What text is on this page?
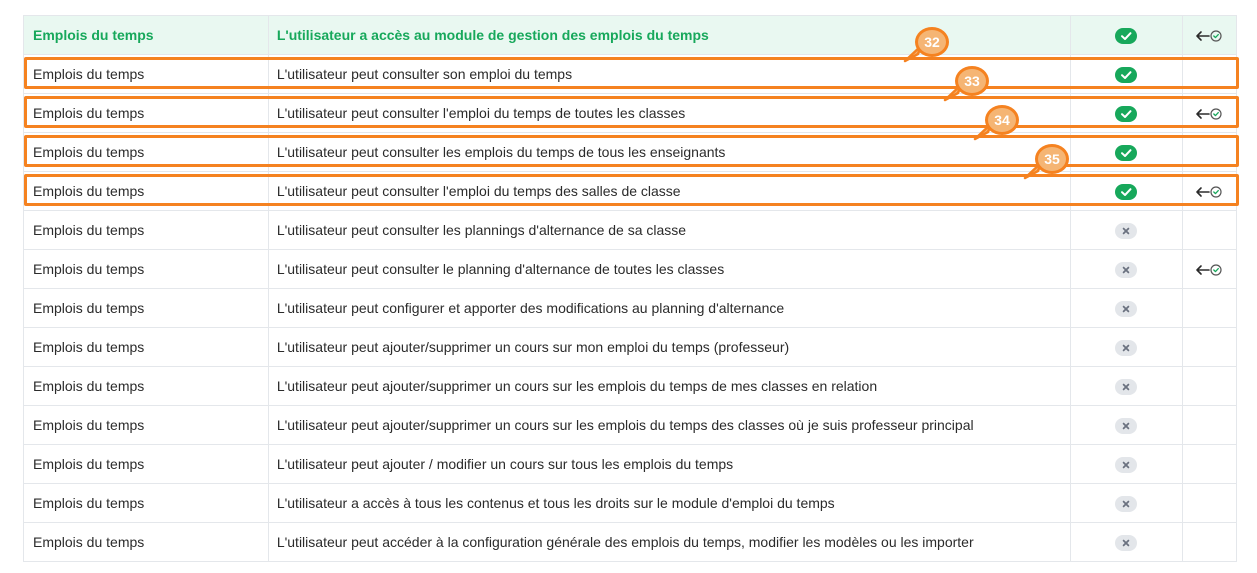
Emplois du temps	L'utilisateur a accès au module de gestion des emplois du temps	

Emplois du temps	L'utilisateur peut consulter son emploi du temps	

Emplois du temps	L'utilisateur peut consulter l'emploi du temps de toutes les classes	

Emplois du temps	L'utilisateur peut consulter les emplois du temps de tous les enseignants	

Emplois du temps	L'utilisateur peut consulter l'emploi du temps des salles de classe	

Emplois du temps	L'utilisateur peut consulter les plannings d'alternance de sa classe	

Emplois du temps	L'utilisateur peut consulter le planning d'alternance de toutes les classes	

Emplois du temps	L'utilisateur peut configurer et apporter des modifications au planning d'alternance	

Emplois du temps	L'utilisateur peut ajouter/supprimer un cours sur mon emploi du temps (professeur)	

Emplois du temps	L'utilisateur peut ajouter/supprimer un cours sur les emplois du temps de mes classes en relation	

Emplois du temps	L'utilisateur peut ajouter/supprimer un cours sur les emplois du temps des classes où je suis professeur principal	

Emplois du temps	L'utilisateur peut ajouter / modifier un cours sur tous les emplois du temps	

Emplois du temps	L'utilisateur a accès à tous les contenus et tous les droits sur le module d'emploi du temps	

Emplois du temps	L'utilisateur peut accéder à la configuration générale des emplois du temps, modifier les modèles ou les importer	

32
33
34
35
